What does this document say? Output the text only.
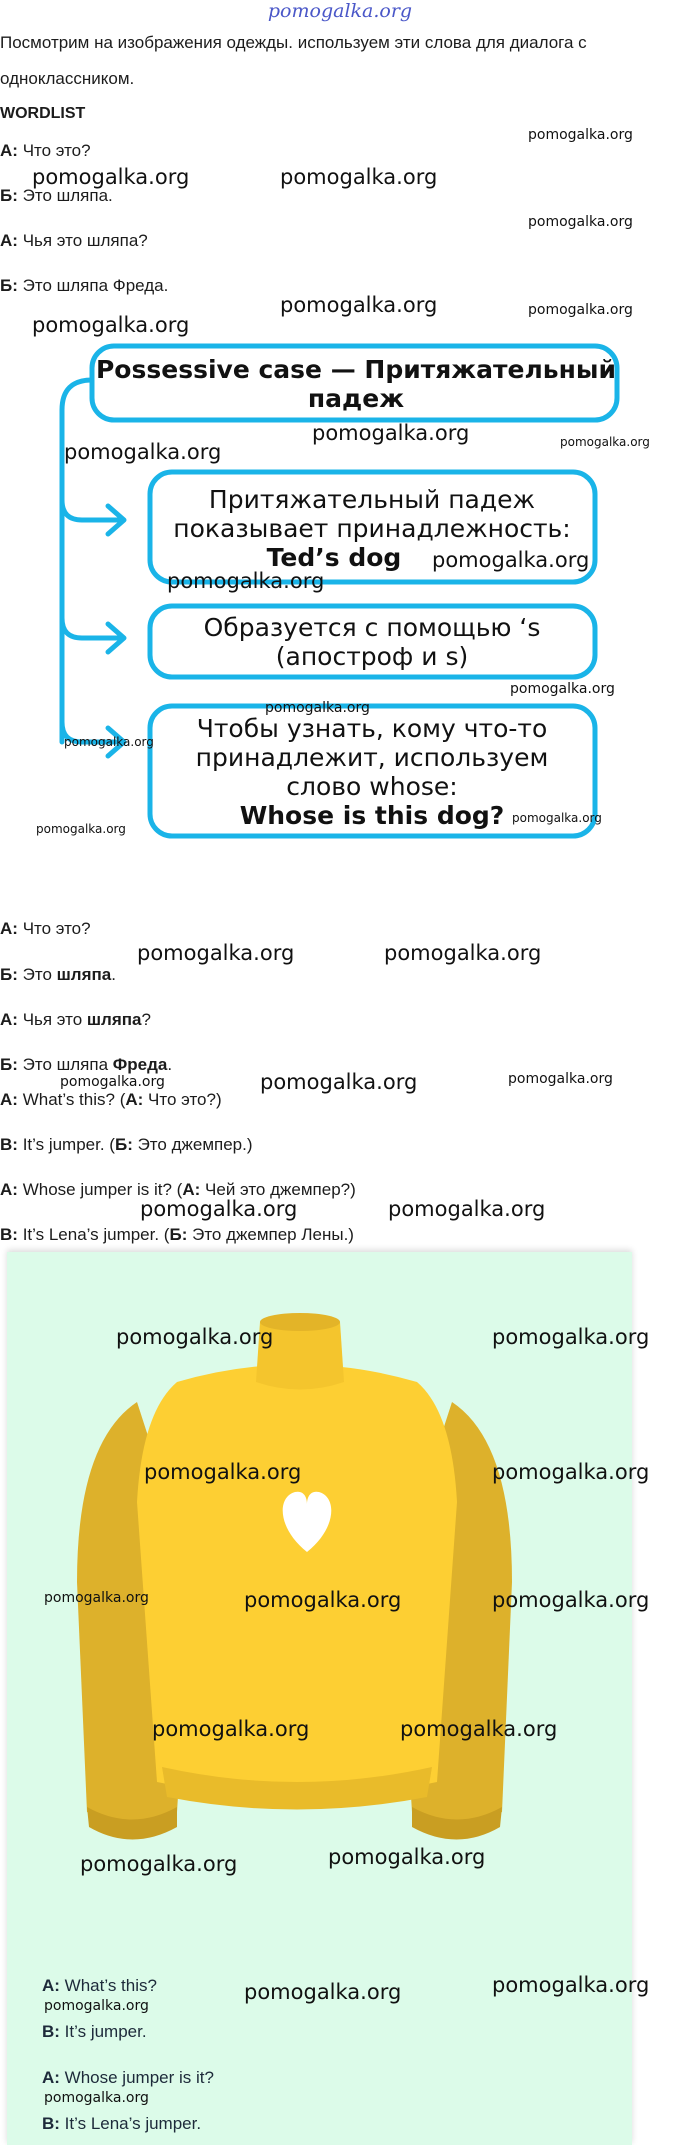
pomogalka.org
Посмотрим на изображения одежды. используем эти слова для диалога с
одноклассником.
WORDLIST
А: Что это?
Б: Это шляпа.
А: Чья это шляпа?
Б: Это шляпа Фреда.
Possessive case — Притяжательный
падеж
Притяжательный падеж
показывает принадлежность:
Ted’s dog
Образуется с помощью ‘s
(апостроф и s)
Чтобы узнать, кому что-то
принадлежит, используем
слово whose:
Whose is this dog?
А: Что это?
Б: Это шляпа.
А: Чья это шляпа?
Б: Это шляпа Фреда.
A: What’s this? (А: Что это?)
B: It’s jumper. (Б: Это джемпер.)
A: Whose jumper is it? (А: Чей это джемпер?)
B: It’s Lena’s jumper. (Б: Это джемпер Лены.)
A: What’s this?
B: It’s jumper.
A: Whose jumper is it?
B: It’s Lena’s jumper.
pomogalka.org
pomogalka.org	pomogalka.org
pomogalka.org
pomogalka.org	pomogalka.org
pomogalka.org
pomogalka.org	pomogalka.org
pomogalka.org
pomogalka.org
pomogalka.org
pomogalka.org
pomogalka.org
pomogalka.org
pomogalka.org
pomogalka.org
pomogalka.org	pomogalka.org
pomogalka.org	pomogalka.org
pomogalka.org
pomogalka.org	pomogalka.org
pomogalka.org	pomogalka.org
pomogalka.org	pomogalka.org
pomogalka.org	pomogalka.org	pomogalka.org
pomogalka.org	pomogalka.org
pomogalka.org	pomogalka.org
pomogalka.org	pomogalka.org
pomogalka.org
pomogalka.org
